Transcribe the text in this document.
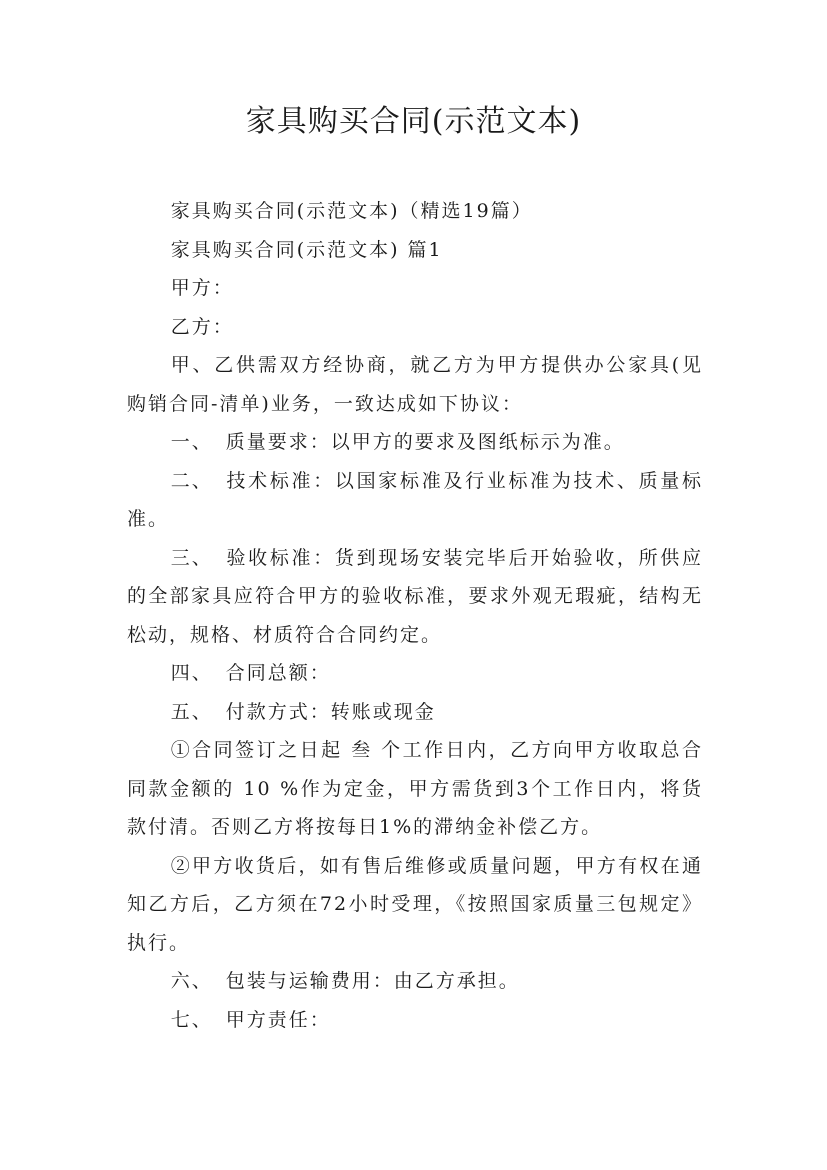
家具购买合同(示范文本)

家具购买合同(示范文本)（精选19篇）

家具购买合同(示范文本) 篇1

甲方：

乙方：

甲、乙供需双方经协商，就乙方为甲方提供办公家具(见购销合同-清单)业务，一致达成如下协议：

一、 质量要求：以甲方的要求及图纸标示为准。

二、 技术标准：以国家标准及行业标准为技术、质量标准。

三、 验收标准：货到现场安装完毕后开始验收，所供应的全部家具应符合甲方的验收标准，要求外观无瑕疵，结构无松动，规格、材质符合合同约定。

四、 合同总额：

五、 付款方式：转账或现金

①合同签订之日起 叁 个工作日内，乙方向甲方收取总合同款金额的 10 %作为定金，甲方需货到3个工作日内，将货款付清。否则乙方将按每日1%的滞纳金补偿乙方。

②甲方收货后，如有售后维修或质量问题，甲方有权在通知乙方后，乙方须在72小时受理，《按照国家质量三包规定》执行。

六、 包装与运输费用：由乙方承担。

七、 甲方责任：
